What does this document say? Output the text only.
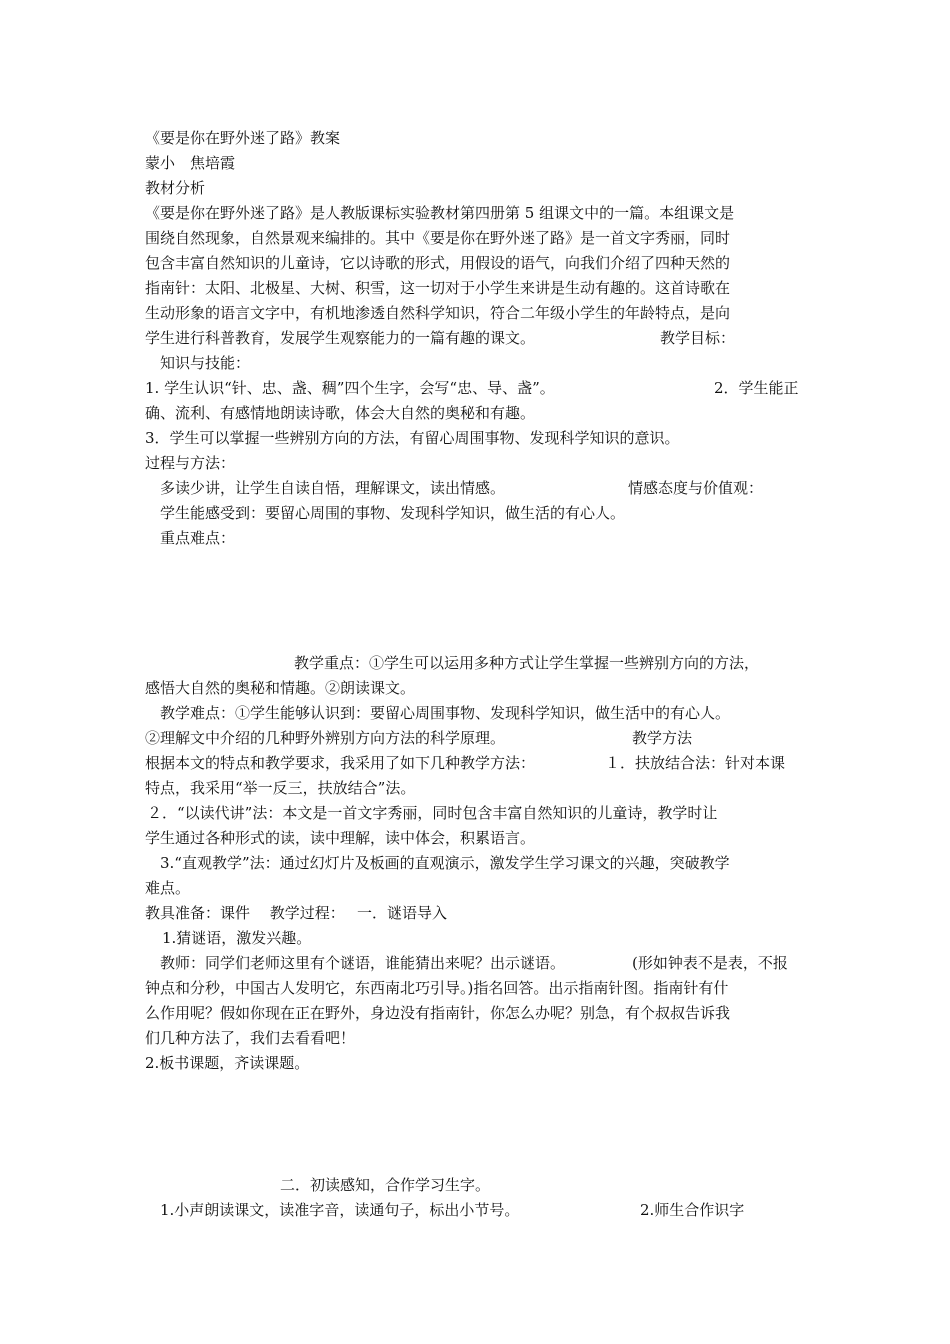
《要是你在野外迷了路》教案
蒙小　焦培霞
教材分析
《要是你在野外迷了路》是人教版课标实验教材第四册第 5 组课文中的一篇。本组课文是
围绕自然现象，自然景观来编排的。其中《要是你在野外迷了路》是一首文字秀丽，同时
包含丰富自然知识的儿童诗，它以诗歌的形式，用假设的语气，向我们介绍了四种天然的
指南针：太阳、北极星、大树、积雪，这一切对于小学生来讲是生动有趣的。这首诗歌在
生动形象的语言文字中，有机地渗透自然科学知识，符合二年级小学生的年龄特点，是向
学生进行科普教育，发展学生观察能力的一篇有趣的课文。	教学目标：
知识与技能：
1. 学生认识“针、忠、盏、稠”四个生字，会写“忠、导、盏”。	2．学生能正
确、流利、有感情地朗读诗歌，体会大自然的奥秘和有趣。
3．学生可以掌握一些辨别方向的方法，有留心周围事物、发现科学知识的意识。
过程与方法：
多读少讲，让学生自读自悟，理解课文，读出情感。	情感态度与价值观：
学生能感受到：要留心周围的事物、发现科学知识，做生活的有心人。
重点难点：
教学重点：①学生可以运用多种方式让学生掌握一些辨别方向的方法，
感悟大自然的奥秘和情趣。②朗读课文。
教学难点：①学生能够认识到：要留心周围事物、发现科学知识，做生活中的有心人。
②理解文中介绍的几种野外辨别方向方法的科学原理。	教学方法
根据本文的特点和教学要求，我采用了如下几种教学方法：	１．扶放结合法：针对本课
特点，我采用“举一反三，扶放结合”法。
２．“以读代讲”法：本文是一首文字秀丽，同时包含丰富自然知识的儿童诗，教学时让
学生通过各种形式的读，读中理解，读中体会，积累语言。
3.“直观教学”法：通过幻灯片及板画的直观演示，激发学生学习课文的兴趣，突破教学
难点。
教具准备：课件　 教学过程：　 一．谜语导入
1.猜谜语，激发兴趣。
教师：同学们老师这里有个谜语，谁能猜出来呢？出示谜语。	(形如钟表不是表，不报
钟点和分秒，中国古人发明它，东西南北巧引导。)指名回答。出示指南针图。指南针有什
么作用呢？假如你现在正在野外，身边没有指南针，你怎么办呢？别急，有个叔叔告诉我
们几种方法了，我们去看看吧！
2.板书课题，齐读课题。
二．初读感知，合作学习生字。
1.小声朗读课文，读准字音，读通句子，标出小节号。	2.师生合作识字
